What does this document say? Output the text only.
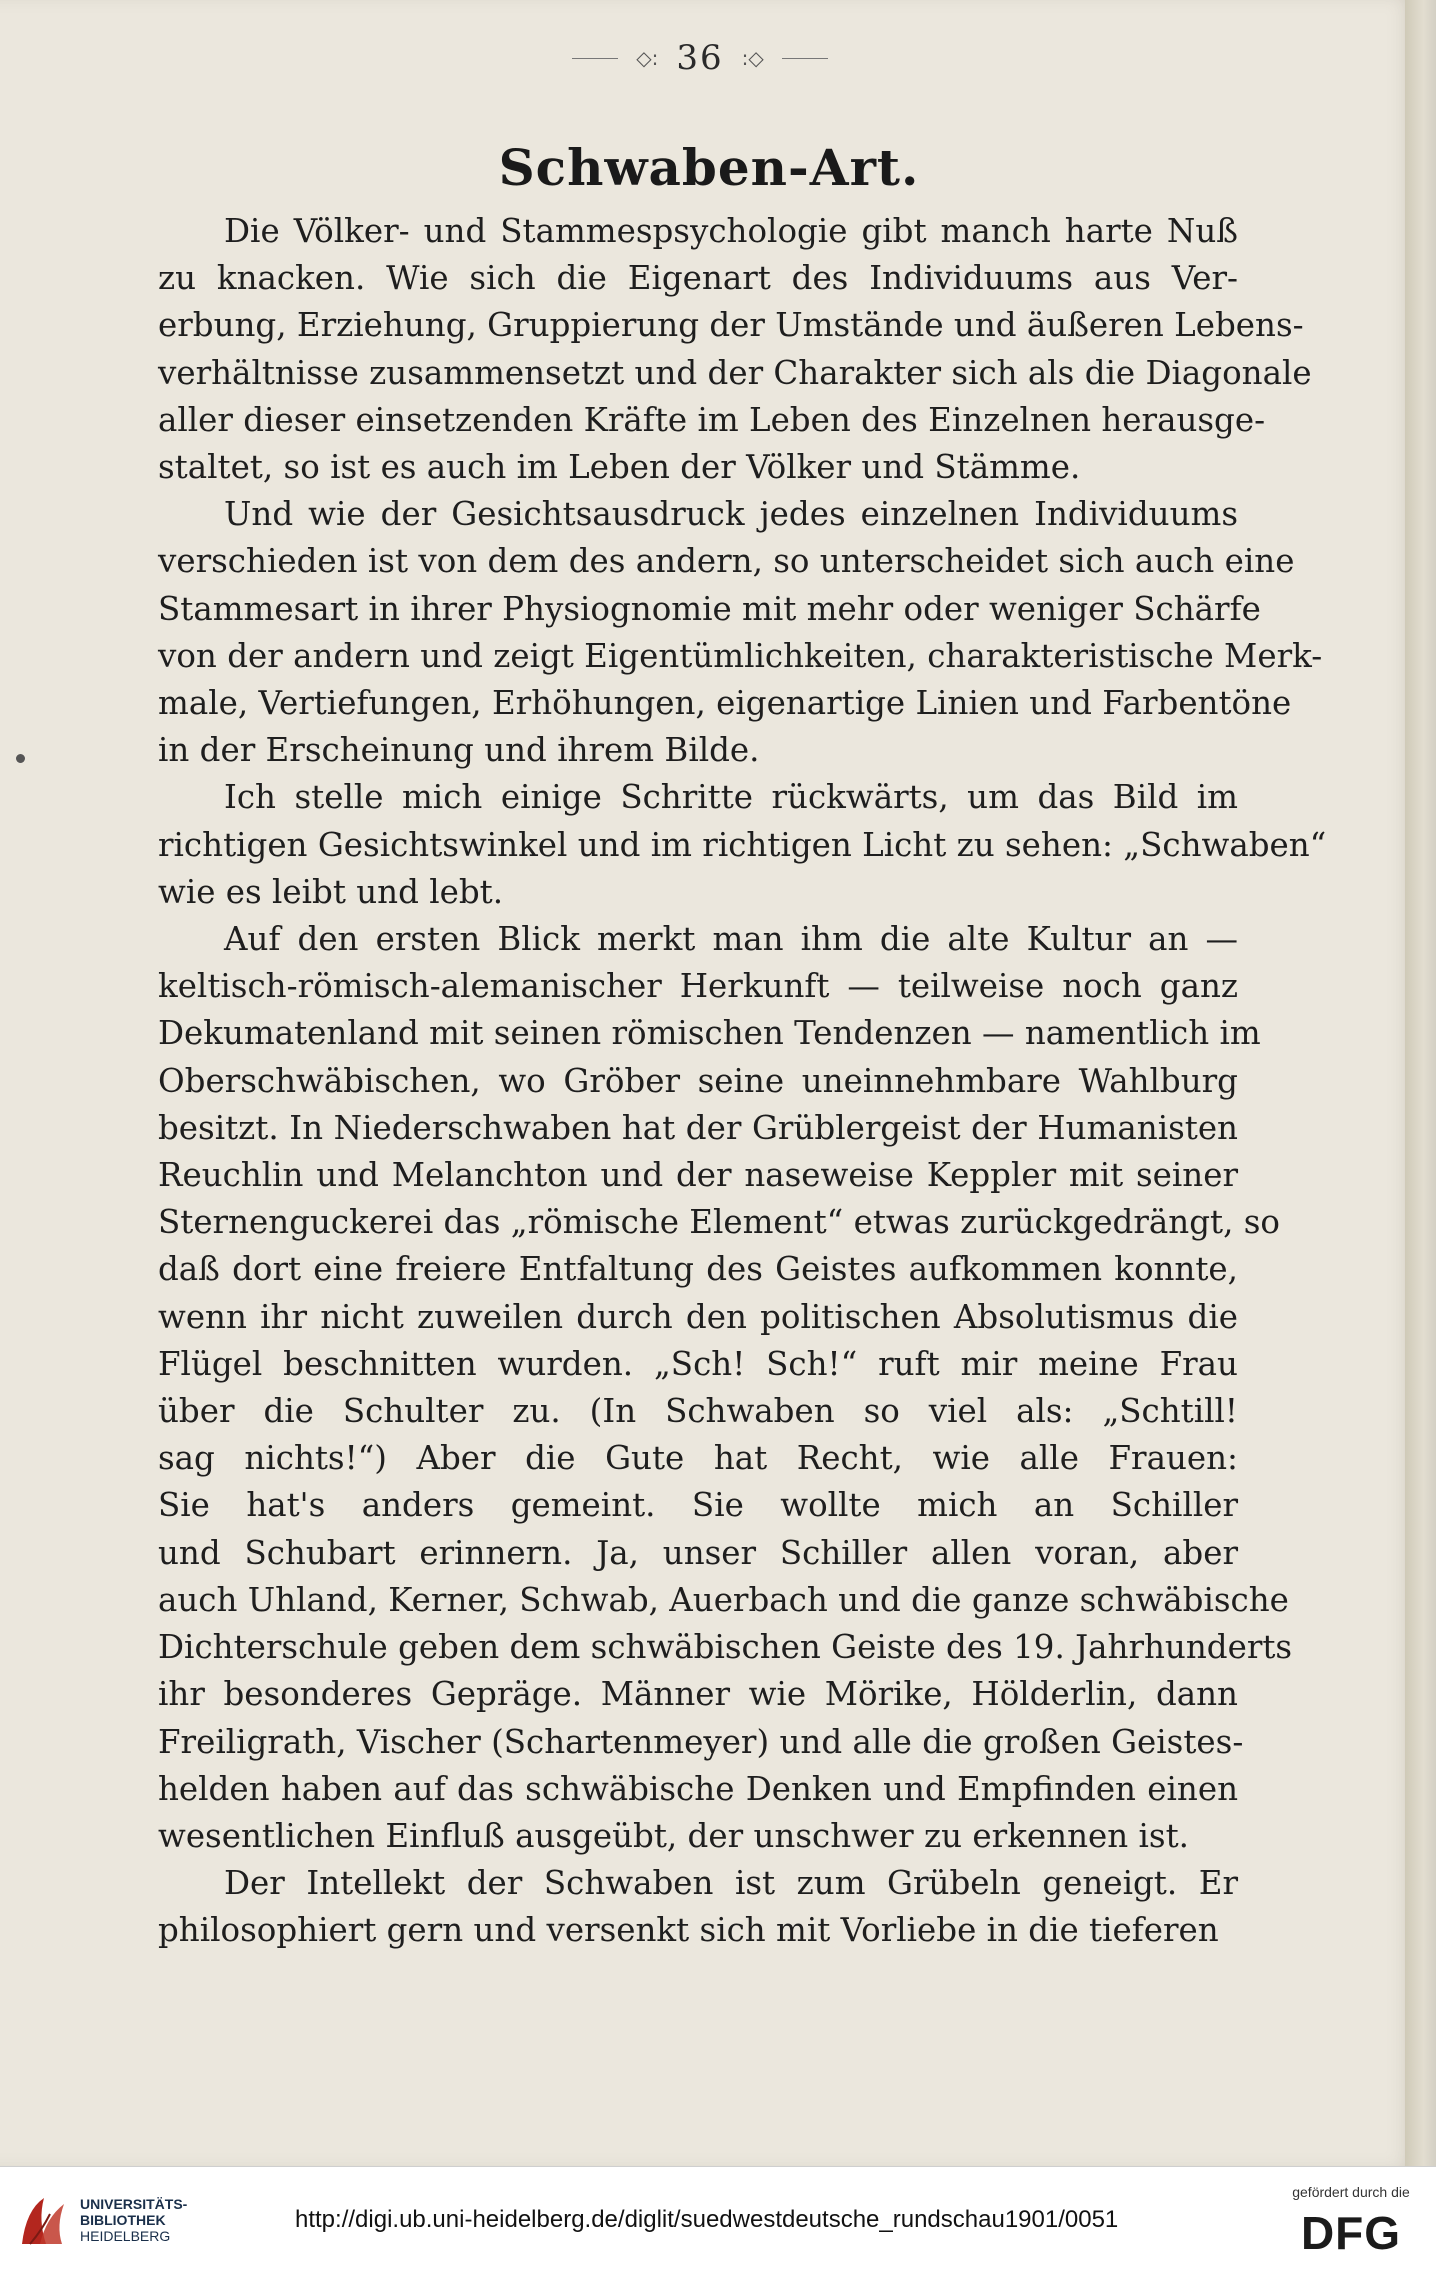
◇: 36 :◇
Schwaben-Art.

Die Völker- und Stammespsychologie gibt manch harte Nuß
zu knacken. Wie sich die Eigenart des Individuums aus Ver-
erbung, Erziehung, Gruppierung der Umstände und äußeren Lebens-
verhältnisse zusammensetzt und der Charakter sich als die Diagonale
aller dieser einsetzenden Kräfte im Leben des Einzelnen herausge-
staltet, so ist es auch im Leben der Völker und Stämme.

Und wie der Gesichtsausdruck jedes einzelnen Individuums
verschieden ist von dem des andern, so unterscheidet sich auch eine
Stammesart in ihrer Physiognomie mit mehr oder weniger Schärfe
von der andern und zeigt Eigentümlichkeiten, charakteristische Merk-
male, Vertiefungen, Erhöhungen, eigenartige Linien und Farbentöne
in der Erscheinung und ihrem Bilde.

Ich stelle mich einige Schritte rückwärts, um das Bild im
richtigen Gesichtswinkel und im richtigen Licht zu sehen: „Schwaben“
wie es leibt und lebt.

Auf den ersten Blick merkt man ihm die alte Kultur an —
keltisch-römisch-alemanischer Herkunft — teilweise noch ganz
Dekumatenland mit seinen römischen Tendenzen — namentlich im
Oberschwäbischen, wo Gröber seine uneinnehmbare Wahlburg
besitzt. In Niederschwaben hat der Grüblergeist der Humanisten
Reuchlin und Melanchton und der naseweise Keppler mit seiner
Sternenguckerei das „römische Element“ etwas zurückgedrängt, so
daß dort eine freiere Entfaltung des Geistes aufkommen konnte,
wenn ihr nicht zuweilen durch den politischen Absolutismus die
Flügel beschnitten wurden. „Sch! Sch!“ ruft mir meine Frau
über die Schulter zu. (In Schwaben so viel als: „Schtill!
sag nichts!“) Aber die Gute hat Recht, wie alle Frauen:
Sie hat's anders gemeint. Sie wollte mich an Schiller
und Schubart erinnern. Ja, unser Schiller allen voran, aber
auch Uhland, Kerner, Schwab, Auerbach und die ganze schwäbische
Dichterschule geben dem schwäbischen Geiste des 19. Jahrhunderts
ihr besonderes Gepräge. Männer wie Mörike, Hölderlin, dann
Freiligrath, Vischer (Schartenmeyer) und alle die großen Geistes-
helden haben auf das schwäbische Denken und Empfinden einen
wesentlichen Einfluß ausgeübt, der unschwer zu erkennen ist.

Der Intellekt der Schwaben ist zum Grübeln geneigt. Er
philosophiert gern und versenkt sich mit Vorliebe in die tieferen

UNIVERSITÄTS-
BIBLIOTHEK
HEIDELBERG
http://digi.ub.uni-heidelberg.de/diglit/suedwestdeutsche_rundschau1901/0051
gefördert durch die
DFG
